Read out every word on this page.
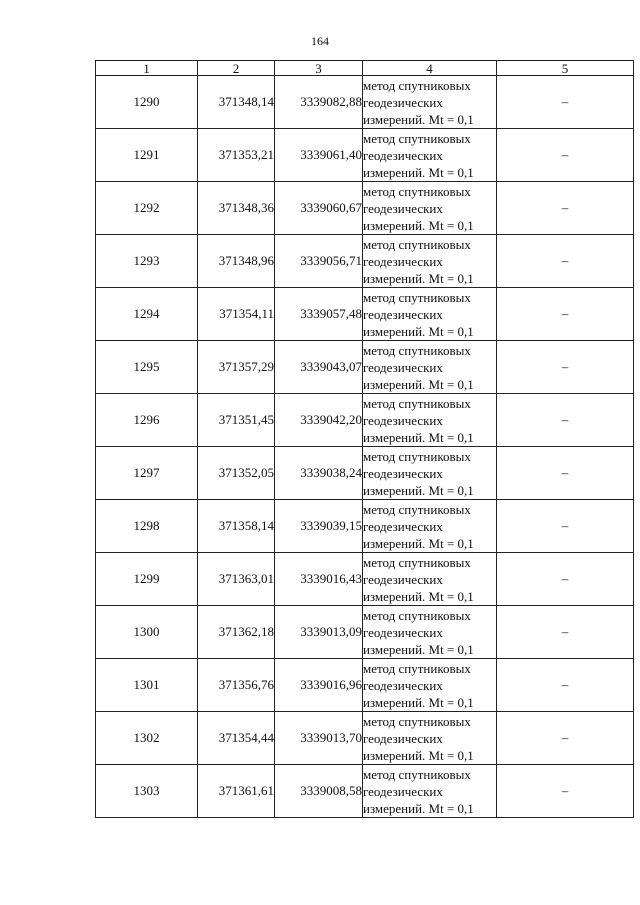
164
1	2	3	4	5
1290	371348,14	3339082,88	метод спутниковых
геодезических
измерений. Mt = 0,1	–
1291	371353,21	3339061,40	метод спутниковых
геодезических
измерений. Mt = 0,1	–
1292	371348,36	3339060,67	метод спутниковых
геодезических
измерений. Mt = 0,1	–
1293	371348,96	3339056,71	метод спутниковых
геодезических
измерений. Mt = 0,1	–
1294	371354,11	3339057,48	метод спутниковых
геодезических
измерений. Mt = 0,1	–
1295	371357,29	3339043,07	метод спутниковых
геодезических
измерений. Mt = 0,1	–
1296	371351,45	3339042,20	метод спутниковых
геодезических
измерений. Mt = 0,1	–
1297	371352,05	3339038,24	метод спутниковых
геодезических
измерений. Mt = 0,1	–
1298	371358,14	3339039,15	метод спутниковых
геодезических
измерений. Mt = 0,1	–
1299	371363,01	3339016,43	метод спутниковых
геодезических
измерений. Mt = 0,1	–
1300	371362,18	3339013,09	метод спутниковых
геодезических
измерений. Mt = 0,1	–
1301	371356,76	3339016,96	метод спутниковых
геодезических
измерений. Mt = 0,1	–
1302	371354,44	3339013,70	метод спутниковых
геодезических
измерений. Mt = 0,1	–
1303	371361,61	3339008,58	метод спутниковых
геодезических
измерений. Mt = 0,1	–
